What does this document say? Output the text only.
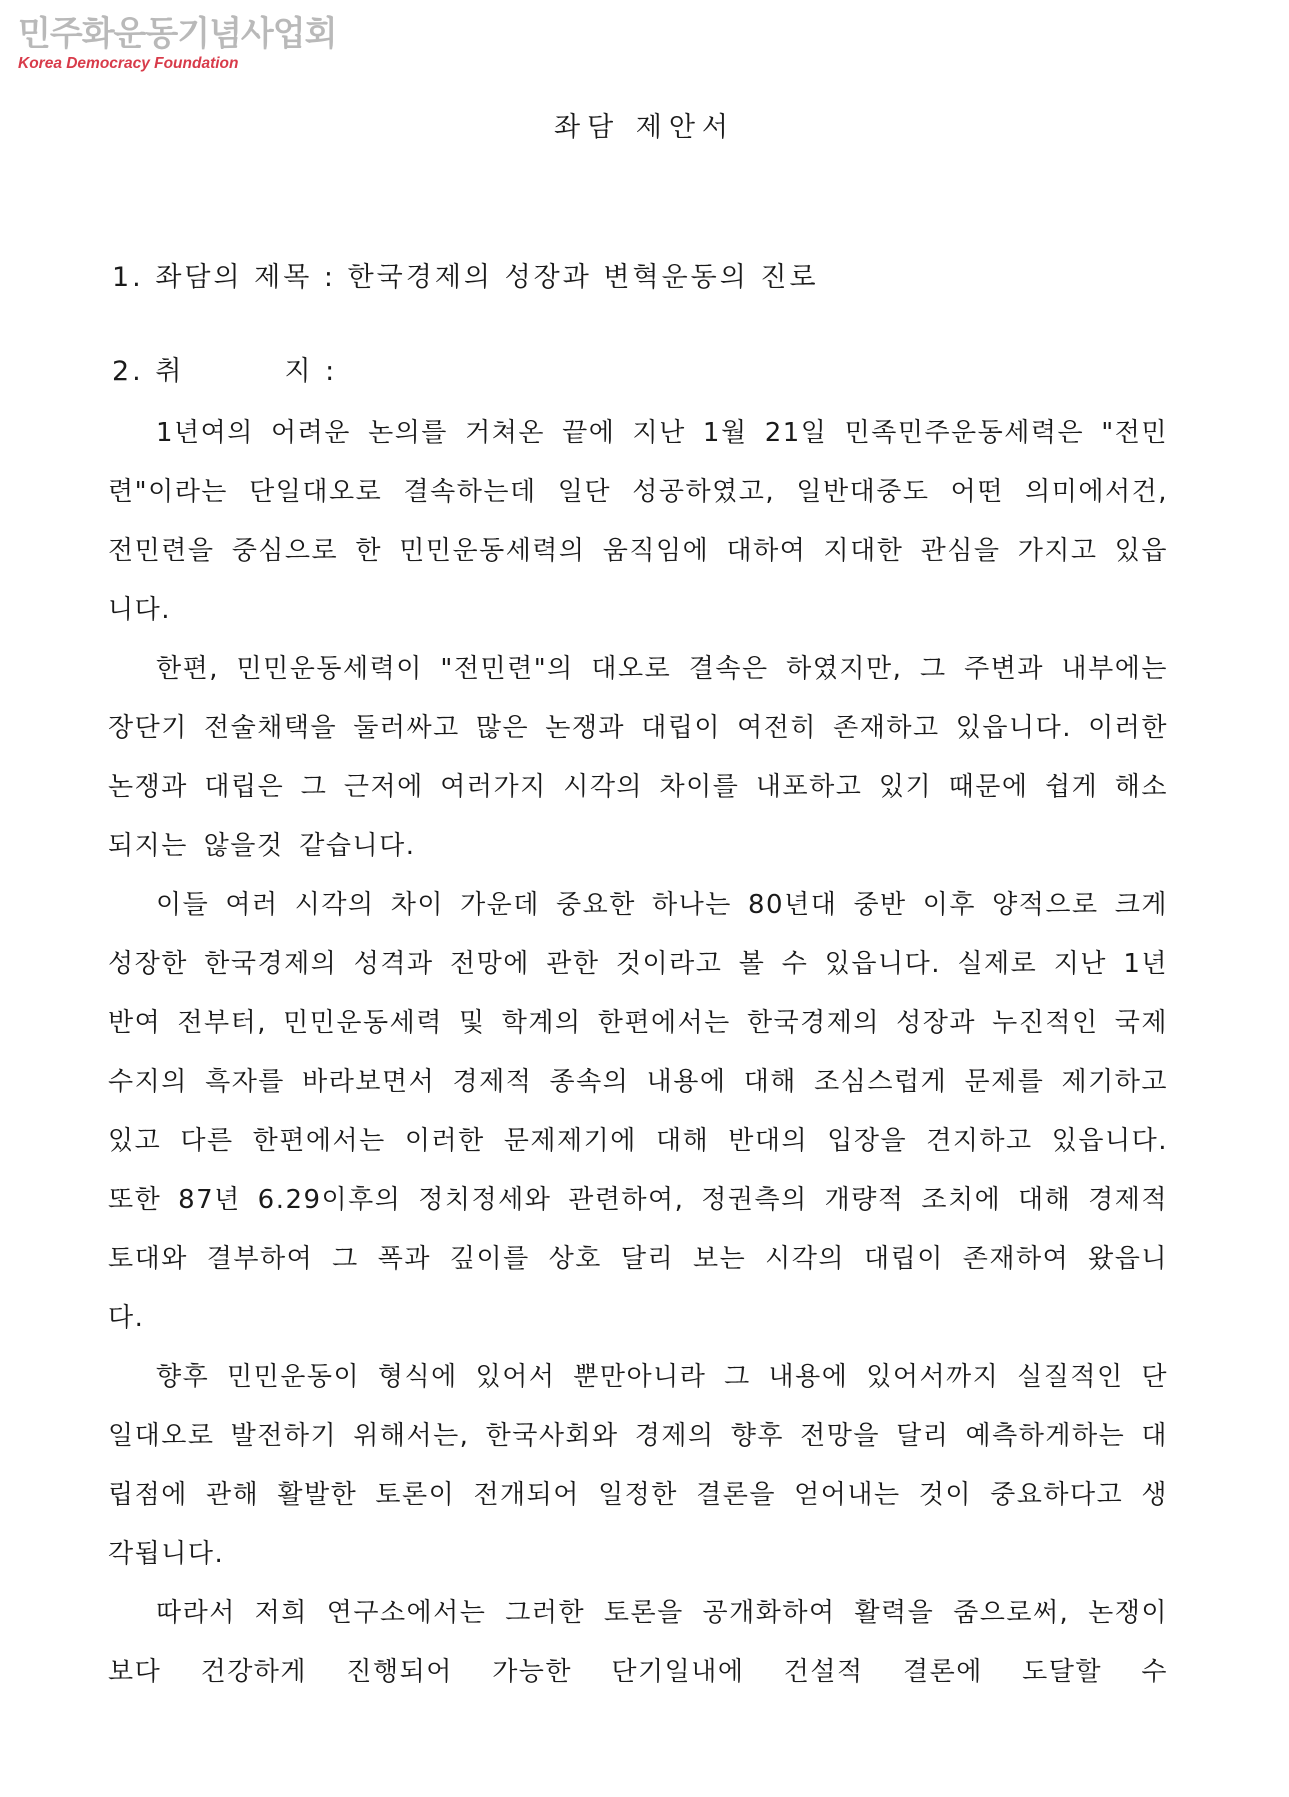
민주화운동기념사업회
Korea Democracy Foundation
좌담 제안서
1. 좌담의 제목 : 한국경제의 성장과 변혁운동의 진로
2. 취	지 :

1년여의 어려운 논의를 거쳐온 끝에 지난 1월 21일 민족민주운동세력은 "전민련"이라는 단일대오로 결속하는데 일단 성공하였고, 일반대중도 어떤 의미에서건, 전민련을 중심으로 한 민민운동세력의 움직임에 대하여 지대한 관심을 가지고 있읍니다.

한편, 민민운동세력이 "전민련"의 대오로 결속은 하였지만, 그 주변과 내부에는 장단기 전술채택을 둘러싸고 많은 논쟁과 대립이 여전히 존재하고 있읍니다. 이러한 논쟁과 대립은 그 근저에 여러가지 시각의 차이를 내포하고 있기 때문에 쉽게 해소되지는 않을것 같습니다.

이들 여러 시각의 차이 가운데 중요한 하나는 80년대 중반 이후 양적으로 크게 성장한 한국경제의 성격과 전망에 관한 것이라고 볼 수 있읍니다. 실제로 지난 1년반여 전부터, 민민운동세력 및 학계의 한편에서는 한국경제의 성장과 누진적인 국제 수지의 흑자를 바라보면서 경제적 종속의 내용에 대해 조심스럽게 문제를 제기하고 있고 다른 한편에서는 이러한 문제제기에 대해 반대의 입장을 견지하고 있읍니다. 또한 87년 6.29이후의 정치정세와 관련하여, 정권측의 개량적 조치에 대해 경제적 토대와 결부하여 그 폭과 깊이를 상호 달리 보는 시각의 대립이 존재하여 왔읍니다.

향후 민민운동이 형식에 있어서 뿐만아니라 그 내용에 있어서까지 실질적인 단일대오로 발전하기 위해서는, 한국사회와 경제의 향후 전망을 달리 예측하게하는 대립점에 관해 활발한 토론이 전개되어 일정한 결론을 얻어내는 것이 중요하다고 생각됩니다.

따라서 저희 연구소에서는 그러한 토론을 공개화하여 활력을 줌으로써, 논쟁이 보다 건강하게 진행되어 가능한 단기일내에 건설적 결론에 도달할 수
